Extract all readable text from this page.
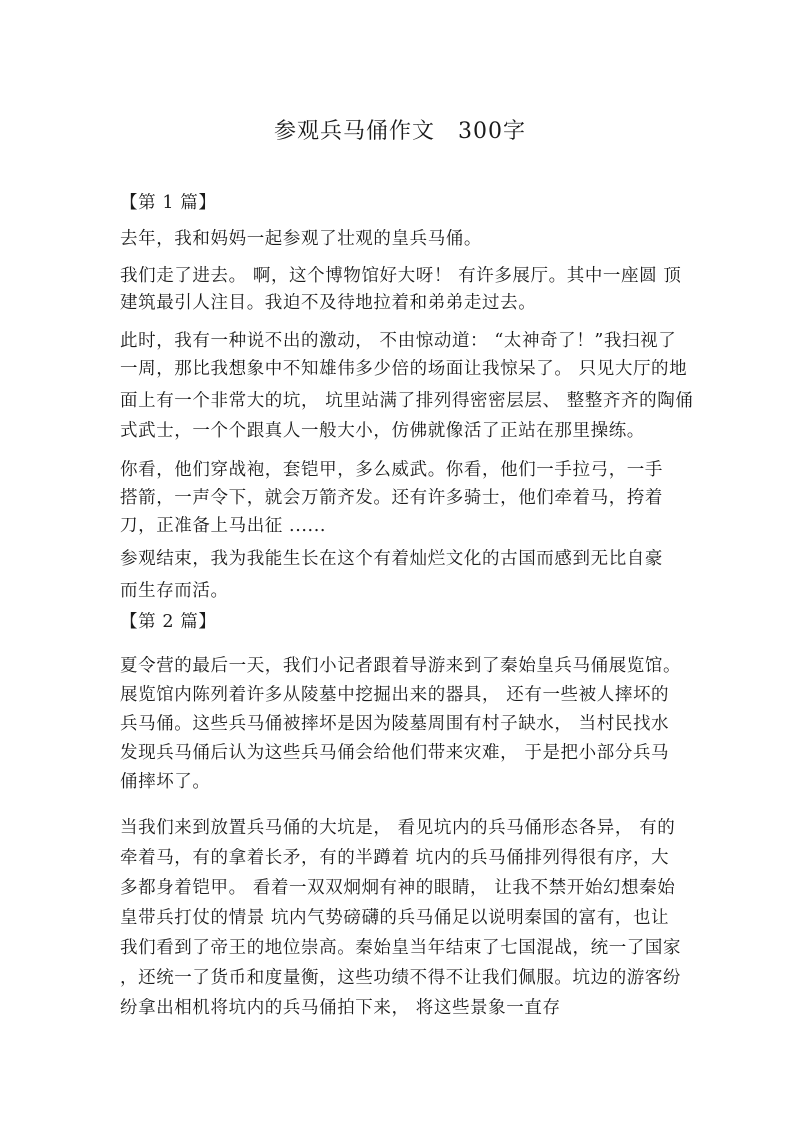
参观兵马俑作文　300字
【第 1 篇】
去年，我和妈妈一起参观了壮观的皇兵马俑。
我们走了进去。 啊，这个博物馆好大呀！ 有许多展厅。其中一座圆 顶
建筑最引人注目。我迫不及待地拉着和弟弟走过去。
此时，我有一种说不出的激动， 不由惊动道： “太神奇了！”我扫视了
一周，那比我想象中不知雄伟多少倍的场面让我惊呆了。 只见大厅的地
面上有一个非常大的坑， 坑里站满了排列得密密层层、 整整齐齐的陶俑
式武士，一个个跟真人一般大小，仿佛就像活了正站在那里操练。
你看，他们穿战袍，套铠甲，多么威武。你看，他们一手拉弓，一手
搭箭，一声令下，就会万箭齐发。还有许多骑士，他们牵着马，挎着
刀，正准备上马出征 ......
参观结束，我为我能生长在这个有着灿烂文化的古国而感到无比自豪
而生存而活。
【第 2 篇】
夏令营的最后一天，我们小记者跟着导游来到了秦始皇兵马俑展览馆。
展览馆内陈列着许多从陵墓中挖掘出来的器具， 还有一些被人摔坏的
兵马俑。这些兵马俑被摔坏是因为陵墓周围有村子缺水， 当村民找水
发现兵马俑后认为这些兵马俑会给他们带来灾难， 于是把小部分兵马
俑摔坏了。
当我们来到放置兵马俑的大坑是， 看见坑内的兵马俑形态各异， 有的
牵着马，有的拿着长矛，有的半蹲着 坑内的兵马俑排列得很有序，大
多都身着铠甲。 看着一双双炯炯有神的眼睛， 让我不禁开始幻想秦始
皇带兵打仗的情景 坑内气势磅礴的兵马俑足以说明秦国的富有，也让
我们看到了帝王的地位崇高。秦始皇当年结束了七国混战，统一了国家
，还统一了货币和度量衡，这些功绩不得不让我们佩服。坑边的游客纷
纷拿出相机将坑内的兵马俑拍下来， 将这些景象一直存
